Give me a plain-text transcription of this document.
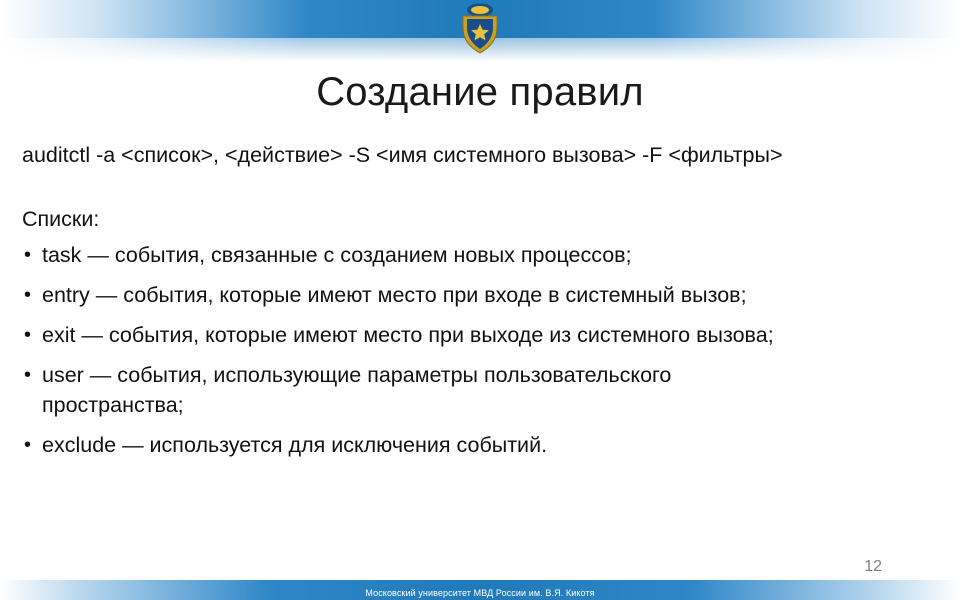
Создание правил

auditctl -a <список>, <действие> -S <имя системного вызова> -F <фильтры>

Списки:

• task — события, связанные с созданием новых процессов;
• entry — события, которые имеют место при входе в системный вызов;
• exit — события, которые имеют место при выходе из системного вызова;
• user — события, использующие параметры пользовательского
пространства;
• exclude — используется для исключения событий.
12
Московский университет МВД России им. В.Я. Кикотя
